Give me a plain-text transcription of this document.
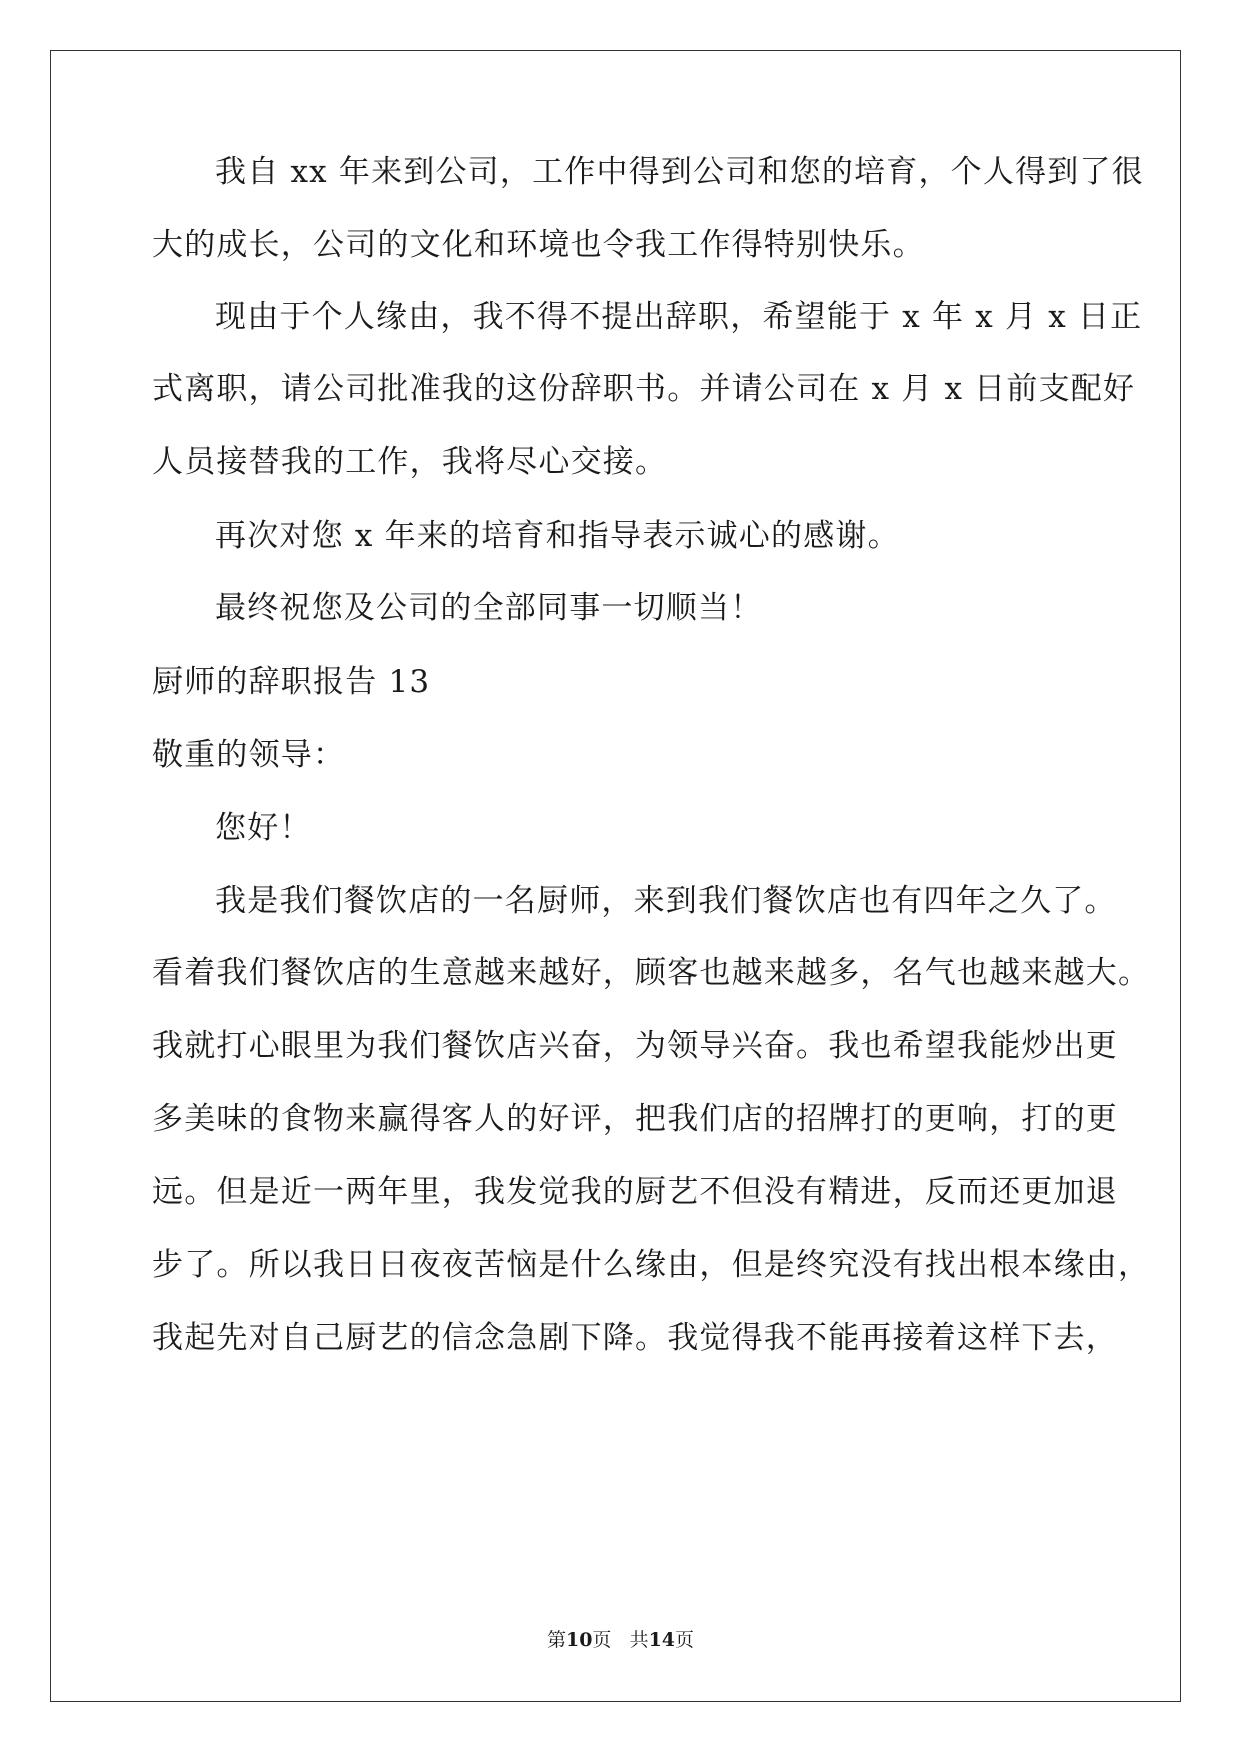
我自 xx 年来到公司，工作中得到公司和您的培育，个人得到了很
大的成长，公司的文化和环境也令我工作得特别快乐。
现由于个人缘由，我不得不提出辞职，希望能于 x 年 x 月 x 日正
式离职，请公司批准我的这份辞职书。并请公司在 x 月 x 日前支配好
人员接替我的工作，我将尽心交接。
再次对您 x 年来的培育和指导表示诚心的感谢。
最终祝您及公司的全部同事一切顺当！
厨师的辞职报告 13
敬重的领导：
您好！
我是我们餐饮店的一名厨师，来到我们餐饮店也有四年之久了。
看着我们餐饮店的生意越来越好，顾客也越来越多，名气也越来越大。
我就打心眼里为我们餐饮店兴奋，为领导兴奋。我也希望我能炒出更
多美味的食物来赢得客人的好评，把我们店的招牌打的更响，打的更
远。但是近一两年里，我发觉我的厨艺不但没有精进，反而还更加退
步了。所以我日日夜夜苦恼是什么缘由，但是终究没有找出根本缘由，
我起先对自己厨艺的信念急剧下降。我觉得我不能再接着这样下去，
第10页 共14页
